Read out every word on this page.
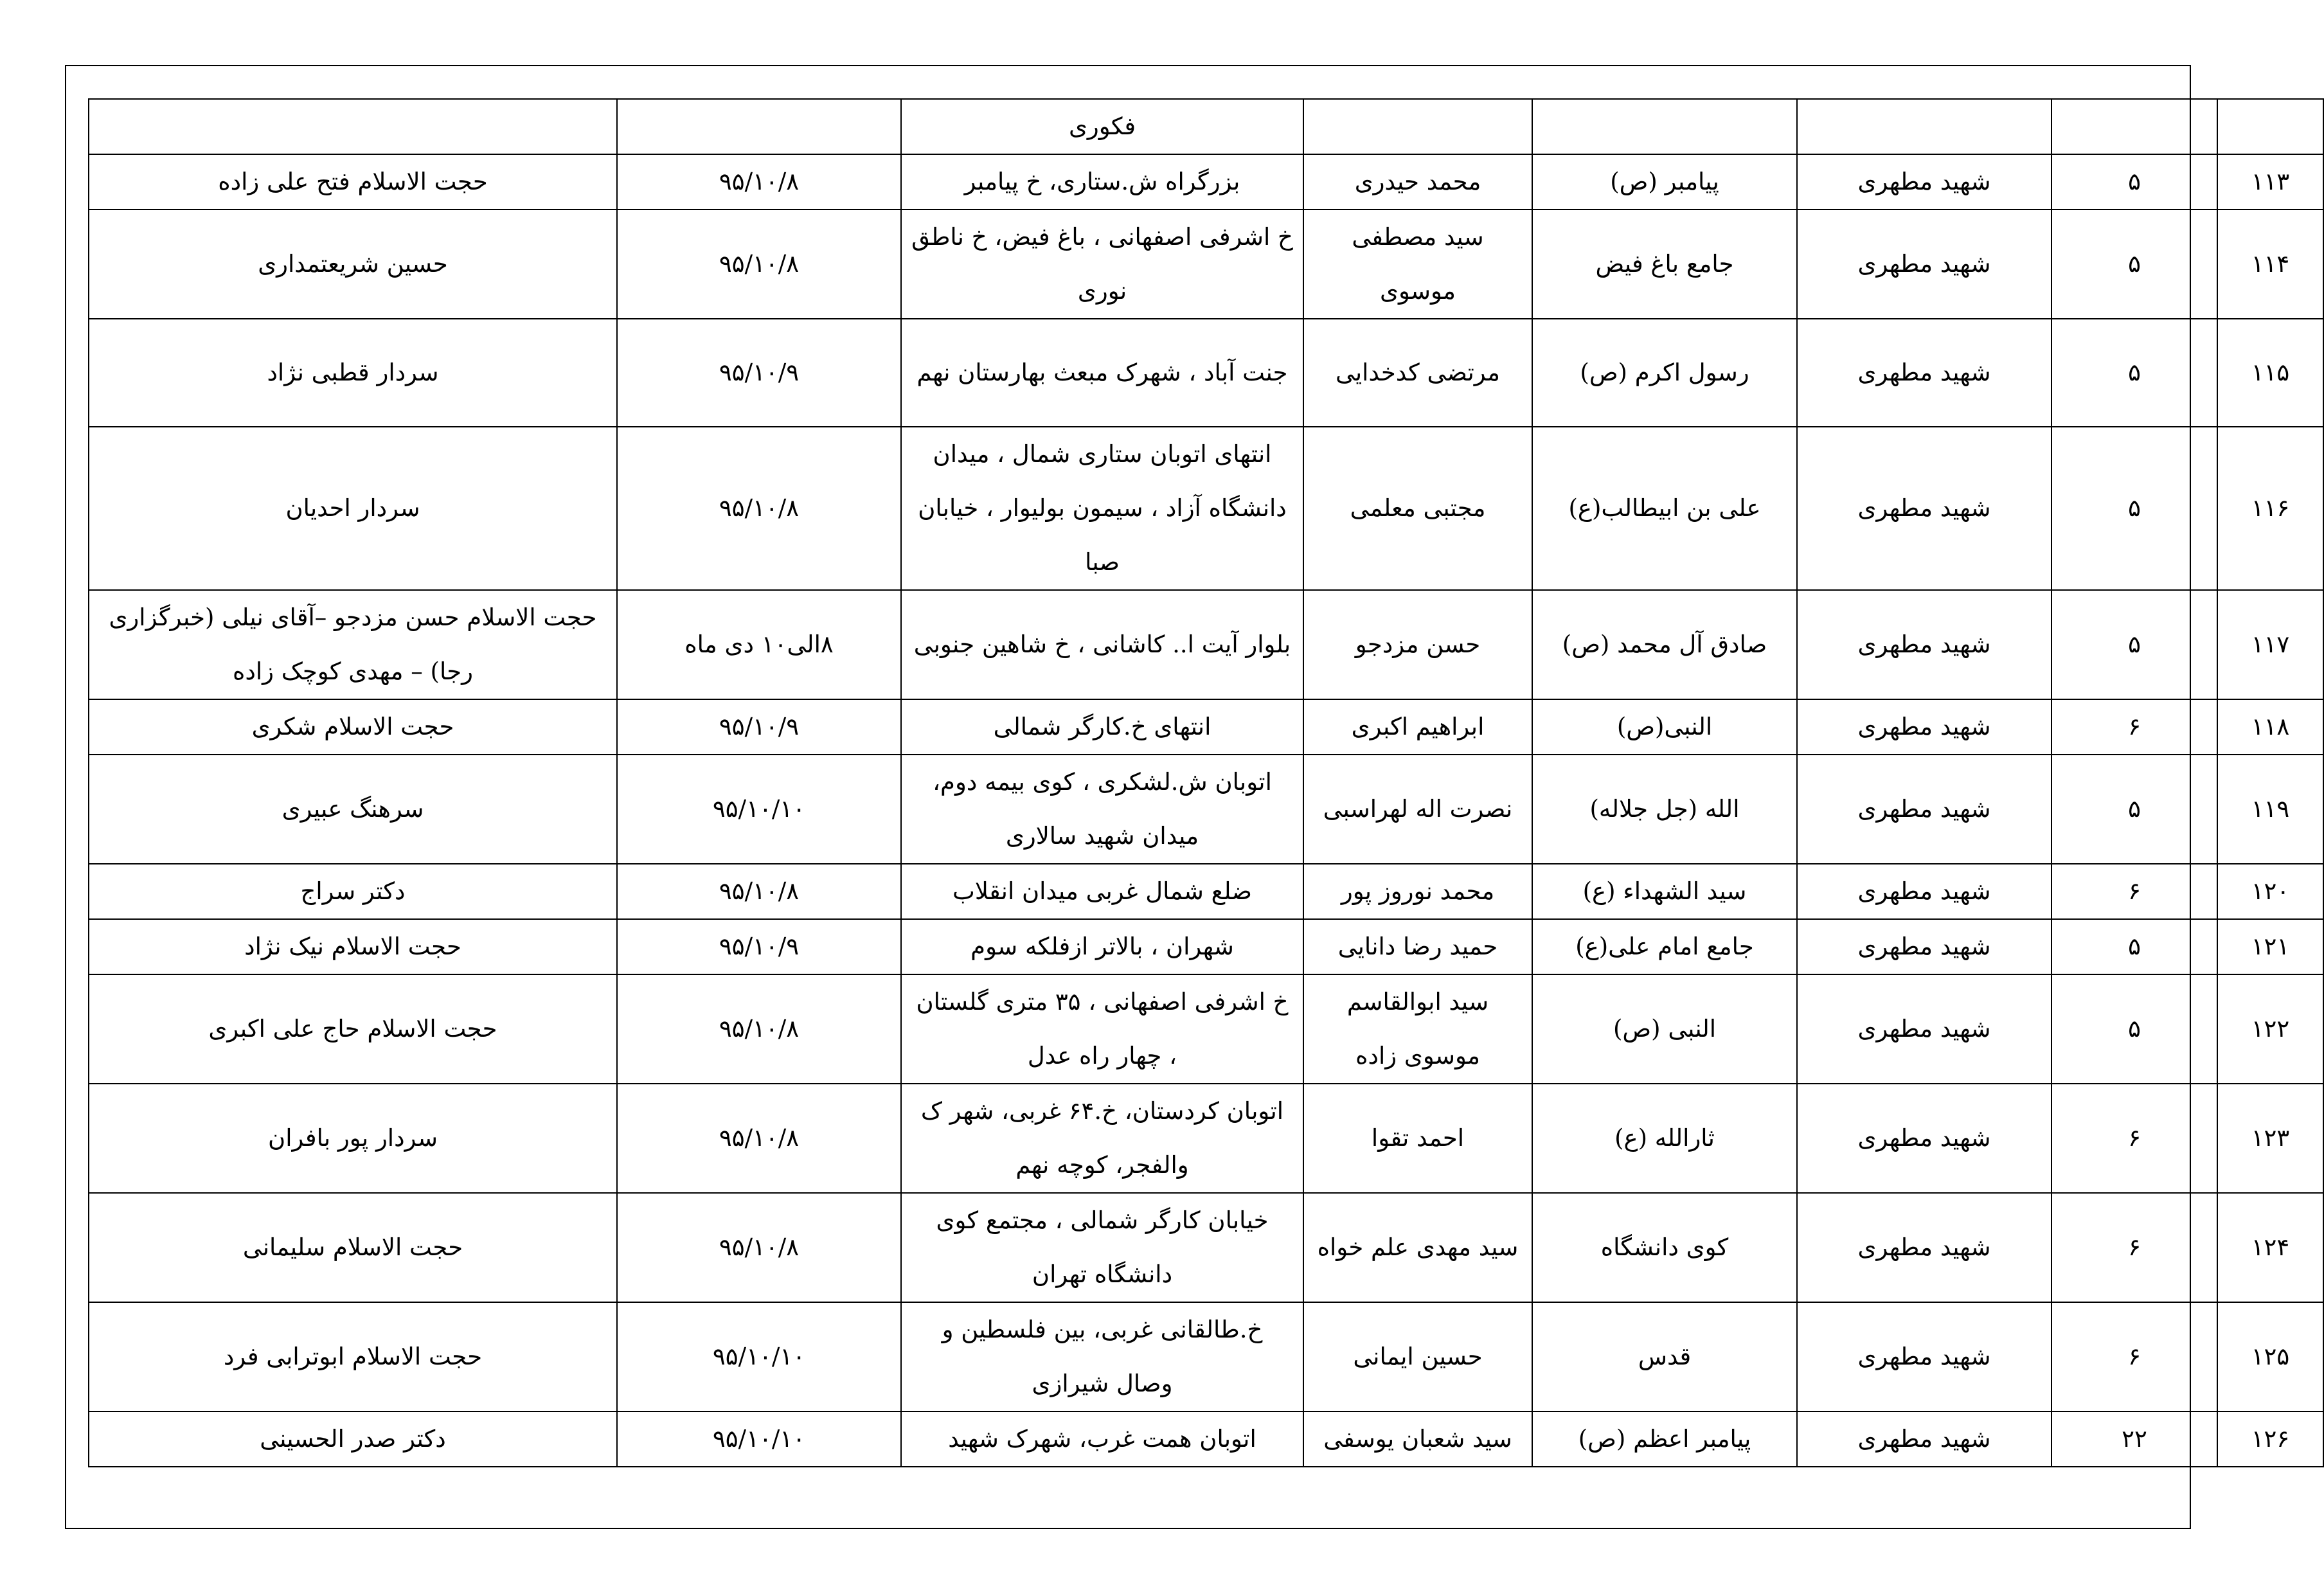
					فکوری		
۱۱۳	۵	شهید مطهری	پیامبر (ص)	محمد حیدری	بزرگراه ش.ستاری، خ پیامبر	۹۵/۱۰/۸	حجت الاسلام فتح علی زاده
۱۱۴	۵	شهید مطهری	جامع باغ فیض	سید مصطفی موسوی	خ اشرفی اصفهانی ، باغ فیض، خ ناطق نوری	۹۵/۱۰/۸	حسین شریعتمداری
۱۱۵	۵	شهید مطهری	رسول اکرم (ص)	مرتضی کدخدایی	جنت آباد ، شهرک مبعث بهارستان نهم	۹۵/۱۰/۹	سردار قطبی نژاد
۱۱۶	۵	شهید مطهری	علی بن ابیطالب(ع)	مجتبی معلمی	انتهای اتوبان ستاری شمال ، میدان دانشگاه آزاد ، سیمون بولیوار ، خیابان صبا	۹۵/۱۰/۸	سردار احدیان
۱۱۷	۵	شهید مطهری	صادق آل محمد (ص)	حسن مزدجو	بلوار آیت ا.. کاشانی ، خ شاهین جنوبی	۸الی۱۰ دی ماه	حجت الاسلام حسن مزدجو –آقای نیلی (خبرگزاری رجا) – مهدی کوچک زاده
۱۱۸	۶	شهید مطهری	النبی(ص)	ابراهیم اکبری	انتهای خ.کارگر شمالی	۹۵/۱۰/۹	حجت الاسلام شکری
۱۱۹	۵	شهید مطهری	الله (جل جلاله)	نصرت اله لهراسبی	اتوبان ش.لشکری ، کوی بیمه دوم، میدان شهید سالاری	۹۵/۱۰/۱۰	سرهنگ عبیری
۱۲۰	۶	شهید مطهری	سید الشهداء (ع)	محمد نوروز پور	ضلع شمال غربی میدان انقلاب	۹۵/۱۰/۸	دکتر سراج
۱۲۱	۵	شهید مطهری	جامع امام علی(ع)	حمید رضا دانایی	شهران ، بالاتر ازفلکه سوم	۹۵/۱۰/۹	حجت الاسلام نیک نژاد
۱۲۲	۵	شهید مطهری	النبی (ص)	سید ابوالقاسم موسوی زاده	خ اشرفی اصفهانی ، ۳۵ متری گلستان ، چهار راه عدل	۹۵/۱۰/۸	حجت الاسلام حاج علی اکبری
۱۲۳	۶	شهید مطهری	ثارالله (ع)	احمد تقوا	اتوبان کردستان، خ.۶۴ غربی، شهر ک والفجر، کوچه نهم	۹۵/۱۰/۸	سردار پور بافران
۱۲۴	۶	شهید مطهری	کوی دانشگاه	سید مهدی علم خواه	خیابان کارگر شمالی ، مجتمع کوی دانشگاه تهران	۹۵/۱۰/۸	حجت الاسلام سلیمانی
۱۲۵	۶	شهید مطهری	قدس	حسین ایمانی	خ.طالقانی غربی، بین فلسطین و وصال شیرازی	۹۵/۱۰/۱۰	حجت الاسلام ابوترابی فرد
۱۲۶	۲۲	شهید مطهری	پیامبر اعظم (ص)	سید شعبان یوسفی	اتوبان همت غرب، شهرک شهید	۹۵/۱۰/۱۰	دکتر صدر الحسینی
